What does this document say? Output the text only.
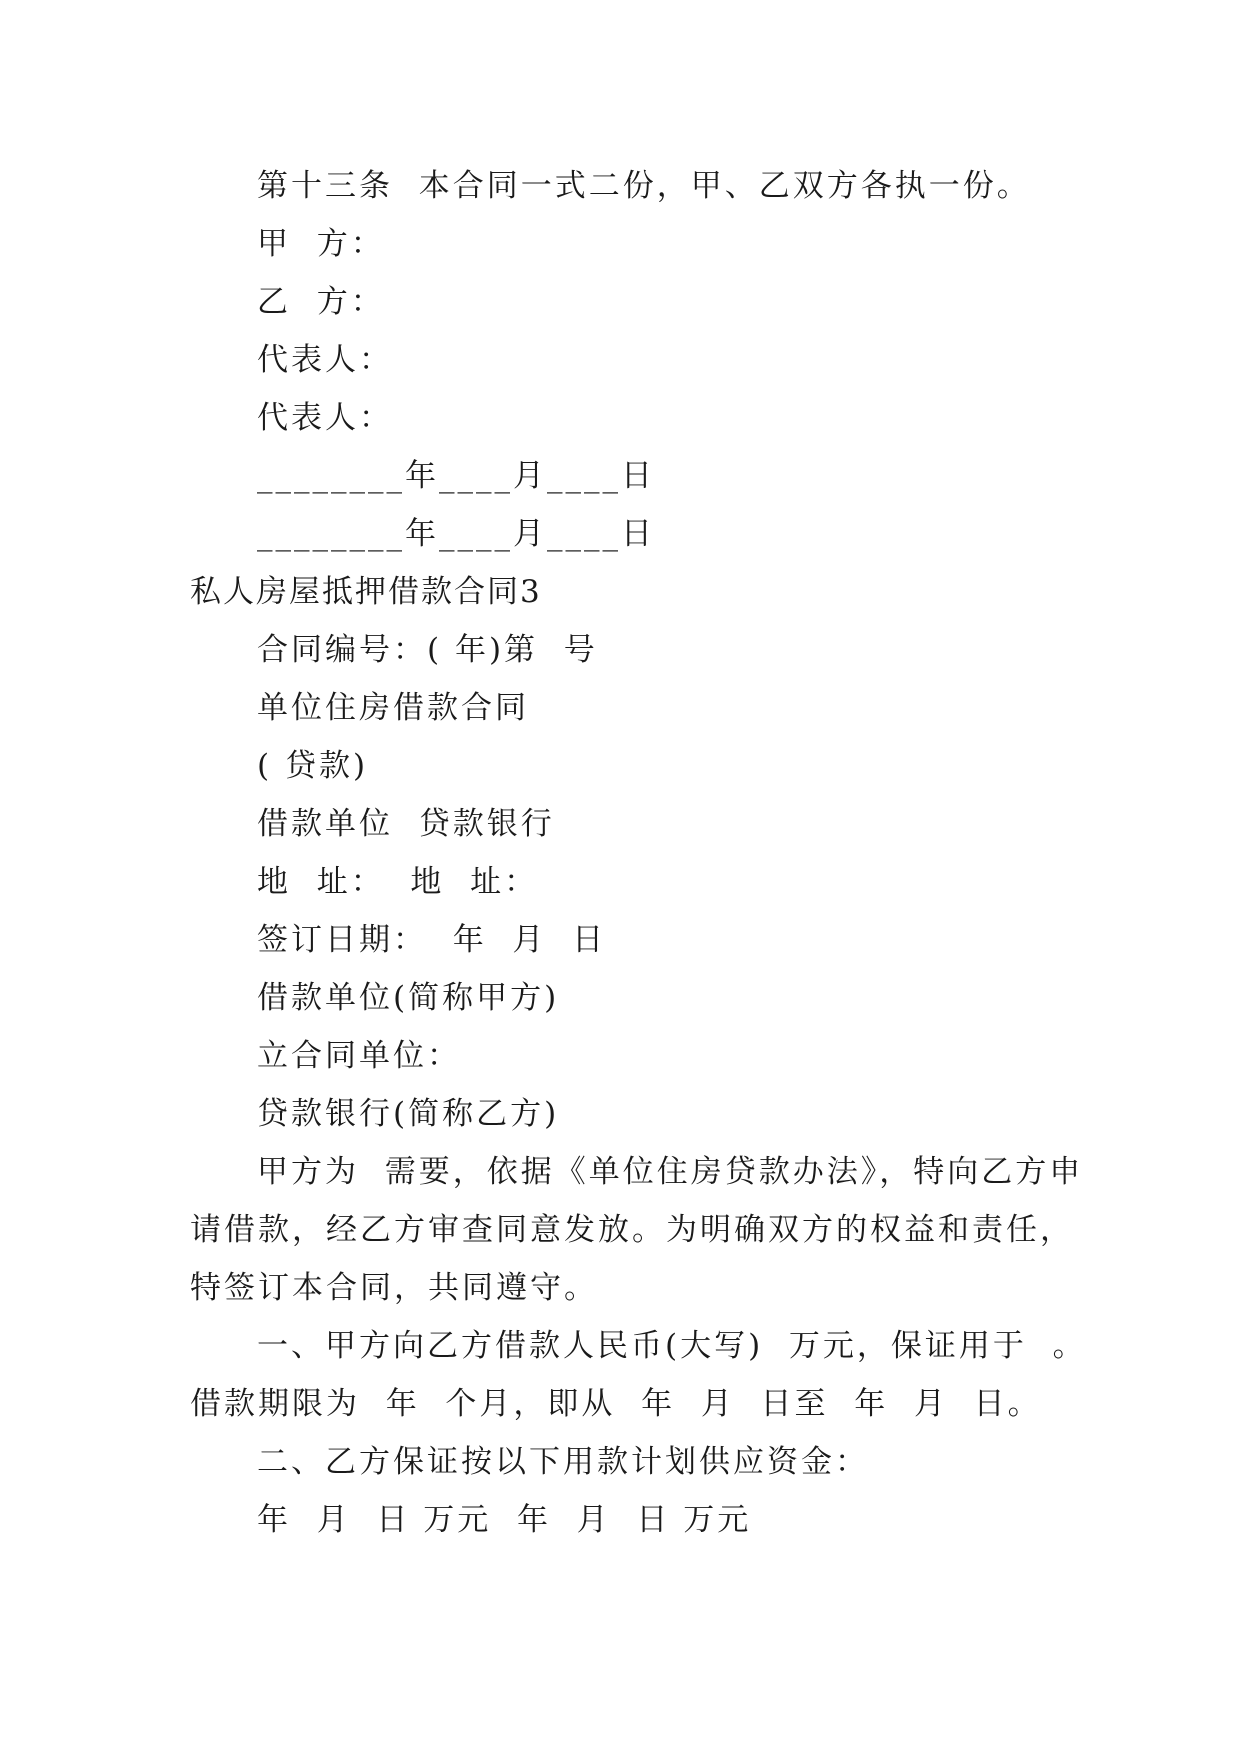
第十三条  本合同一式二份，甲、乙双方各执一份。
甲  方：
乙  方：
代表人：
代表人：
________年____月____日
________年____月____日
私人房屋抵押借款合同3
合同编号：( 年)第  号
单位住房借款合同
( 贷款)
借款单位  贷款银行
地  址：  地  址：
签订日期：  年  月  日
借款单位(简称甲方)
立合同单位：
贷款银行(简称乙方)
甲方为  需要，依据《单位住房贷款办法》，特向乙方申
请借款，经乙方审查同意发放。为明确双方的权益和责任，
特签订本合同，共同遵守。
一、甲方向乙方借款人民币(大写)  万元，保证用于  。
借款期限为  年  个月，即从  年  月  日至  年  月  日。
二、乙方保证按以下用款计划供应资金：
年  月  日 万元  年  月  日 万元
